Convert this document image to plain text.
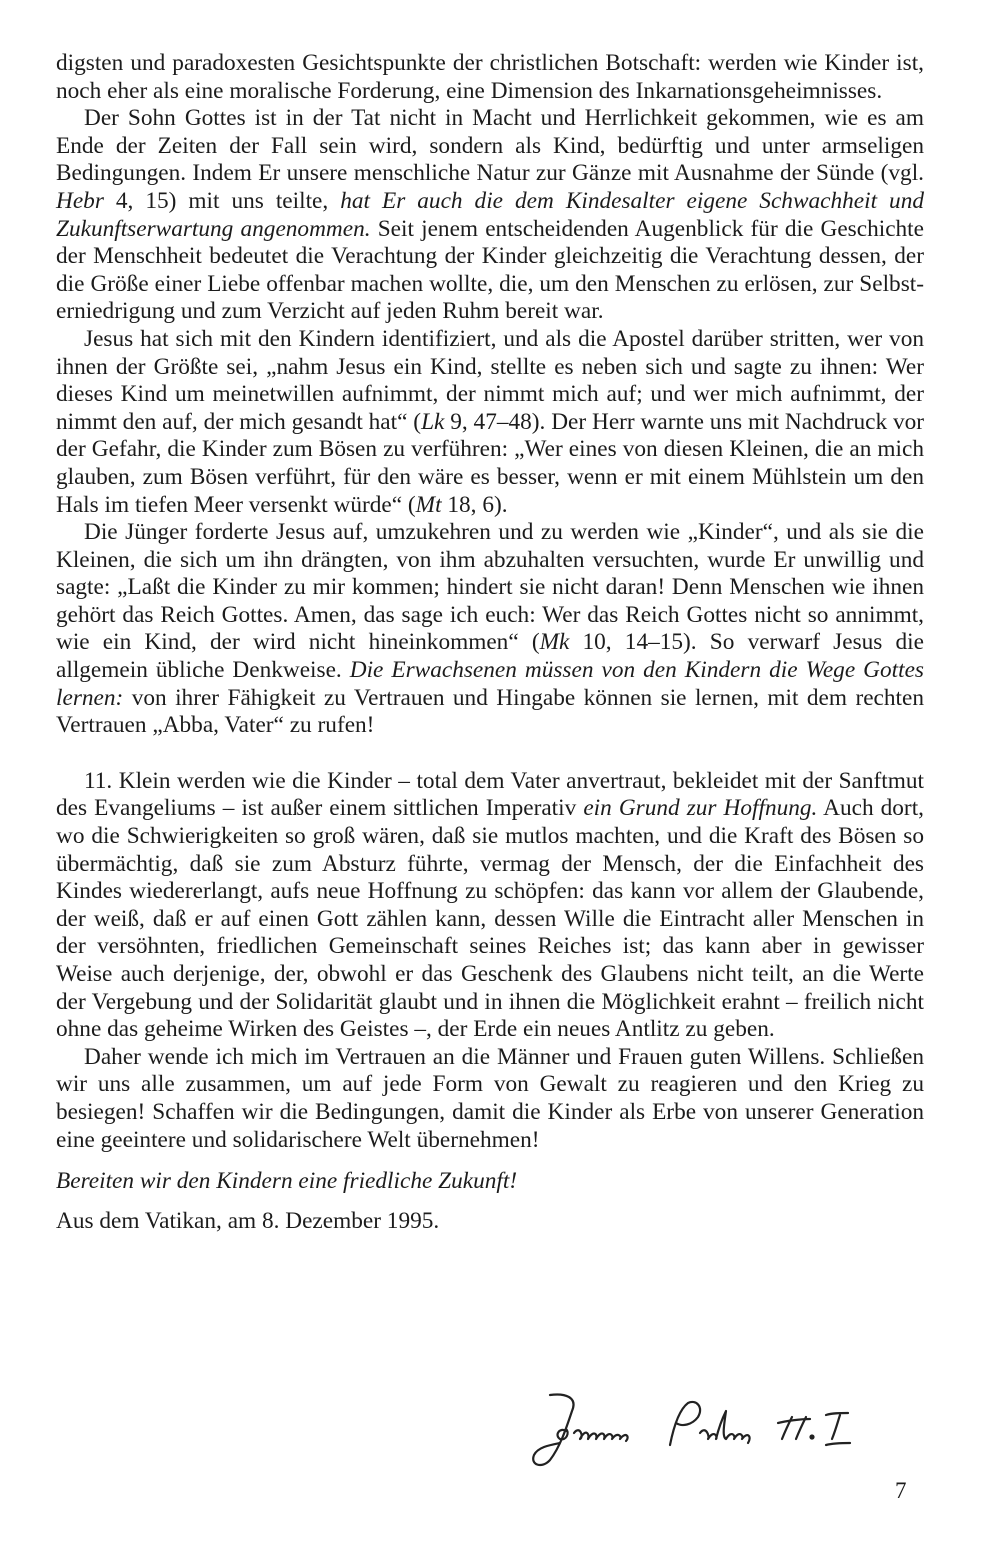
digsten und paradoxesten Gesichtspunkte der christlichen Botschaft: werden wie Kinder ist, noch eher als eine moralische Forderung, eine Dimension des Inkarnationsgeheimnisses.

Der Sohn Gottes ist in der Tat nicht in Macht und Herrlichkeit gekommen, wie es am Ende der Zeiten der Fall sein wird, sondern als Kind, bedürftig und unter armseligen Bedingungen. Indem Er unsere menschliche Natur zur Gänze mit Ausnahme der Sünde (vgl. Hebr 4, 15) mit uns teilte, hat Er auch die dem Kindesalter eigene Schwachheit und Zukunftserwartung angenommen. Seit jenem entscheidenden Augenblick für die Geschichte der Menschheit bedeutet die Verachtung der Kinder gleichzeitig die Verachtung dessen, der die Größe einer Liebe offenbar machen wollte, die, um den Menschen zu erlösen, zur Selbsterniedrigung und zum Verzicht auf jeden Ruhm bereit war.

Jesus hat sich mit den Kindern identifiziert, und als die Apostel darüber stritten, wer von ihnen der Größte sei, „nahm Jesus ein Kind, stellte es neben sich und sagte zu ihnen: Wer dieses Kind um meinetwillen aufnimmt, der nimmt mich auf; und wer mich aufnimmt, der nimmt den auf, der mich gesandt hat“ (Lk 9, 47–48). Der Herr warnte uns mit Nachdruck vor der Gefahr, die Kinder zum Bösen zu verführen: „Wer eines von diesen Kleinen, die an mich glauben, zum Bösen verführt, für den wäre es besser, wenn er mit einem Mühlstein um den Hals im tiefen Meer versenkt würde“ (Mt 18, 6).

Die Jünger forderte Jesus auf, umzukehren und zu werden wie „Kinder“, und als sie die Kleinen, die sich um ihn drängten, von ihm abzuhalten versuchten, wurde Er unwillig und sagte: „Laßt die Kinder zu mir kommen; hindert sie nicht daran! Denn Menschen wie ihnen gehört das Reich Gottes. Amen, das sage ich euch: Wer das Reich Gottes nicht so annimmt, wie ein Kind, der wird nicht hineinkommen“ (Mk 10, 14–15). So verwarf Jesus die allgemein übliche Denkweise. Die Erwachsenen müssen von den Kindern die Wege Gottes lernen: von ihrer Fähigkeit zu Vertrauen und Hingabe können sie lernen, mit dem rechten Vertrauen „Abba, Vater“ zu rufen!

11. Klein werden wie die Kinder – total dem Vater anvertraut, bekleidet mit der Sanftmut des Evangeliums – ist außer einem sittlichen Imperativ ein Grund zur Hoffnung. Auch dort, wo die Schwierigkeiten so groß wären, daß sie mutlos machten, und die Kraft des Bösen so übermächtig, daß sie zum Absturz führte, vermag der Mensch, der die Einfachheit des Kindes wiedererlangt, aufs neue Hoffnung zu schöpfen: das kann vor allem der Glaubende, der weiß, daß er auf einen Gott zählen kann, dessen Wille die Eintracht aller Menschen in der versöhnten, friedlichen Gemeinschaft seines Reiches ist; das kann aber in gewisser Weise auch derjenige, der, obwohl er das Geschenk des Glaubens nicht teilt, an die Werte der Vergebung und der Solidarität glaubt und in ihnen die Möglichkeit erahnt – freilich nicht ohne das geheime Wirken des Geistes –, der Erde ein neues Antlitz zu geben.

Daher wende ich mich im Vertrauen an die Männer und Frauen guten Willens. Schließen wir uns alle zusammen, um auf jede Form von Gewalt zu reagieren und den Krieg zu besiegen! Schaffen wir die Bedingungen, damit die Kinder als Erbe von unserer Generation eine geeintere und solidarischere Welt übernehmen!

Bereiten wir den Kindern eine friedliche Zukunft!

Aus dem Vatikan, am 8. Dezember 1995.

7
